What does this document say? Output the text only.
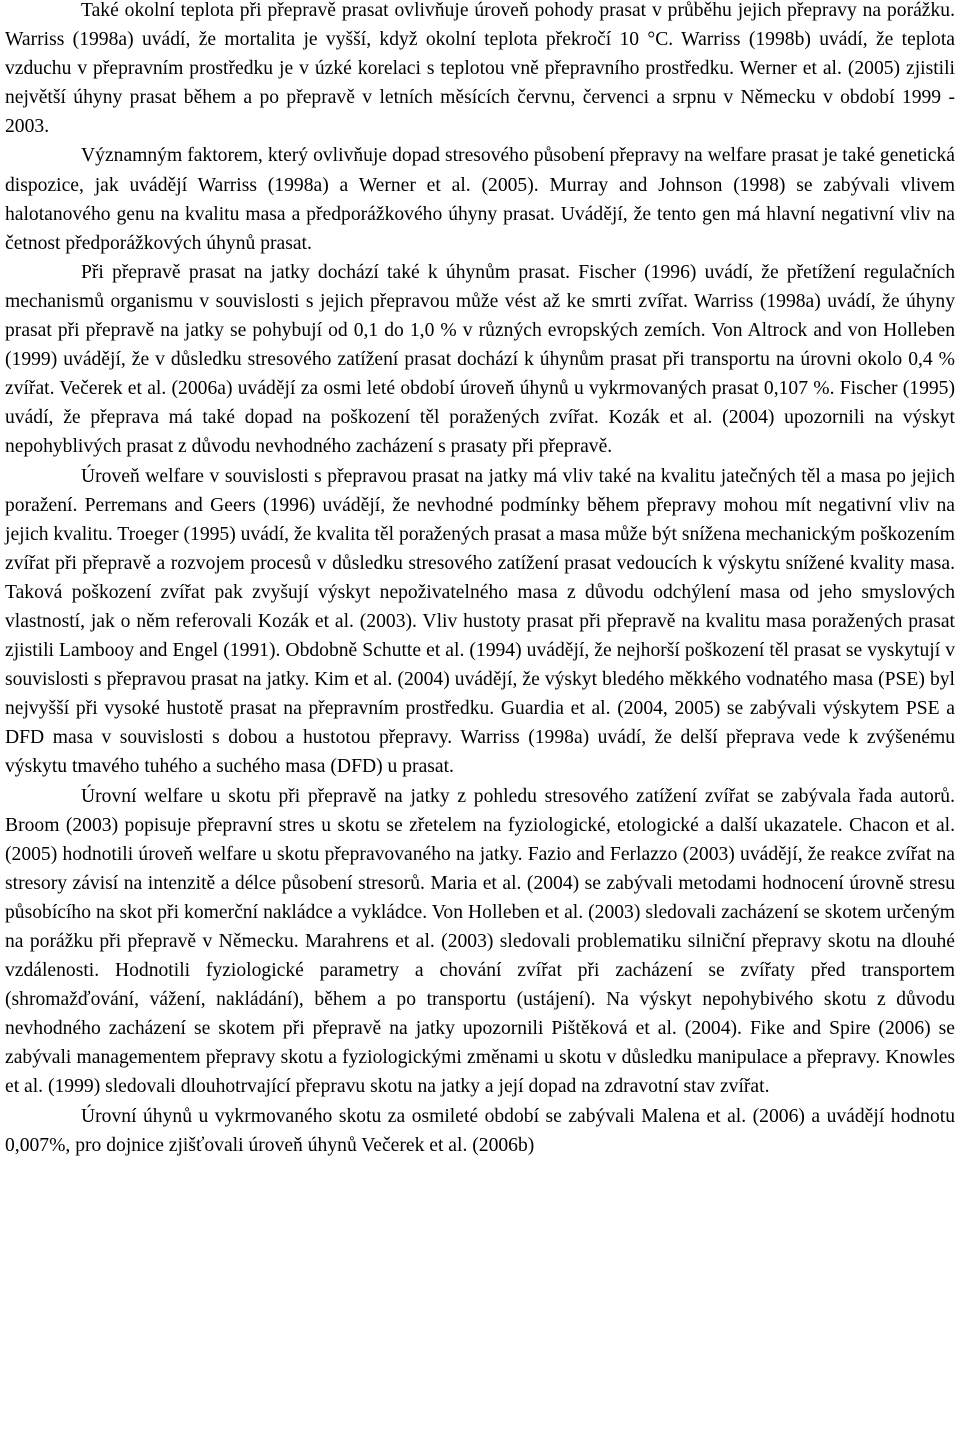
Také okolní teplota při přepravě prasat ovlivňuje úroveň pohody prasat v průběhu jejich přepravy na porážku. Warriss (1998a) uvádí, že mortalita je vyšší, když okolní teplota překročí 10 °C. Warriss (1998b) uvádí, že teplota vzduchu v přepravním prostředku je v úzké korelaci s teplotou vně přepravního prostředku. Werner et al. (2005) zjistili největší úhyny prasat během a po přepravě v letních měsících červnu, červenci a srpnu v Německu v období 1999 - 2003.

Významným faktorem, který ovlivňuje dopad stresového působení přepravy na welfare prasat je také genetická dispozice, jak uvádějí Warriss (1998a) a Werner et al. (2005). Murray and Johnson (1998) se zabývali vlivem halotanového genu na kvalitu masa a předporážkového úhyny prasat. Uvádějí, že tento gen má hlavní negativní vliv na četnost předporážkových úhynů prasat.

Při přepravě prasat na jatky dochází také k úhynům prasat. Fischer (1996) uvádí, že přetížení regulačních mechanismů organismu v souvislosti s jejich přepravou může vést až ke smrti zvířat. Warriss (1998a) uvádí, že úhyny prasat při přepravě na jatky se pohybují od 0,1 do 1,0 % v různých evropských zemích. Von Altrock and von Holleben (1999) uvádějí, že v důsledku stresového zatížení prasat dochází k úhynům prasat při transportu na úrovni okolo 0,4 % zvířat. Večerek et al. (2006a) uvádějí za osmi leté období úroveň úhynů u vykrmovaných prasat 0,107 %. Fischer (1995) uvádí, že přeprava má také dopad na poškození těl poražených zvířat. Kozák et al. (2004) upozornili na výskyt nepohyblivých prasat z důvodu nevhodného zacházení s prasaty při přepravě.

Úroveň welfare v souvislosti s přepravou prasat na jatky má vliv také na kvalitu jatečných těl a masa po jejich poražení. Perremans and Geers (1996) uvádějí, že nevhodné podmínky během přepravy mohou mít negativní vliv na jejich kvalitu. Troeger (1995) uvádí, že kvalita těl poražených prasat a masa může být snížena mechanickým poškozením zvířat při přepravě a rozvojem procesů v důsledku stresového zatížení prasat vedoucích k výskytu snížené kvality masa. Taková poškození zvířat pak zvyšují výskyt nepoživatelného masa z důvodu odchýlení masa od jeho smyslových vlastností, jak o něm referovali Kozák et al. (2003). Vliv hustoty prasat při přepravě na kvalitu masa poražených prasat zjistili Lambooy and Engel (1991). Obdobně Schutte et al. (1994) uvádějí, že nejhorší poškození těl prasat se vyskytují v souvislosti s přepravou prasat na jatky. Kim et al. (2004) uvádějí, že výskyt bledého měkkého vodnatého masa (PSE) byl nejvyšší při vysoké hustotě prasat na přepravním prostředku. Guardia et al. (2004, 2005) se zabývali výskytem PSE a DFD masa v souvislosti s dobou a hustotou přepravy. Warriss (1998a) uvádí, že delší přeprava vede k zvýšenému výskytu tmavého tuhého a suchého masa (DFD) u prasat.

Úrovní welfare u skotu při přepravě na jatky z pohledu stresového zatížení zvířat se zabývala řada autorů. Broom (2003) popisuje přepravní stres u skotu se zřetelem na fyziologické, etologické a další ukazatele. Chacon et al. (2005) hodnotili úroveň welfare u skotu přepravovaného na jatky. Fazio and Ferlazzo (2003) uvádějí, že reakce zvířat na stresory závisí na intenzitě a délce působení stresorů. Maria et al. (2004) se zabývali metodami hodnocení úrovně stresu působícího na skot při komerční nakládce a vykládce. Von Holleben et al. (2003) sledovali zacházení se skotem určeným na porážku při přepravě v Německu. Marahrens et al. (2003) sledovali problematiku silniční přepravy skotu na dlouhé vzdálenosti. Hodnotili fyziologické parametry a chování zvířat při zacházení se zvířaty před transportem (shromažďování, vážení, nakládání), během a po transportu (ustájení). Na výskyt nepohybivého skotu z důvodu nevhodného zacházení se skotem při přepravě na jatky upozornili Pištěková et al. (2004). Fike and Spire (2006) se zabývali managementem přepravy skotu a fyziologickými změnami u skotu v důsledku manipulace a přepravy. Knowles et al. (1999) sledovali dlouhotrvající přepravu skotu na jatky a její dopad na zdravotní stav zvířat.

Úrovní úhynů u vykrmovaného skotu za osmileté období se zabývali Malena et al. (2006) a uvádějí hodnotu 0,007%, pro dojnice zjišťovali úroveň úhynů Večerek et al. (2006b)
